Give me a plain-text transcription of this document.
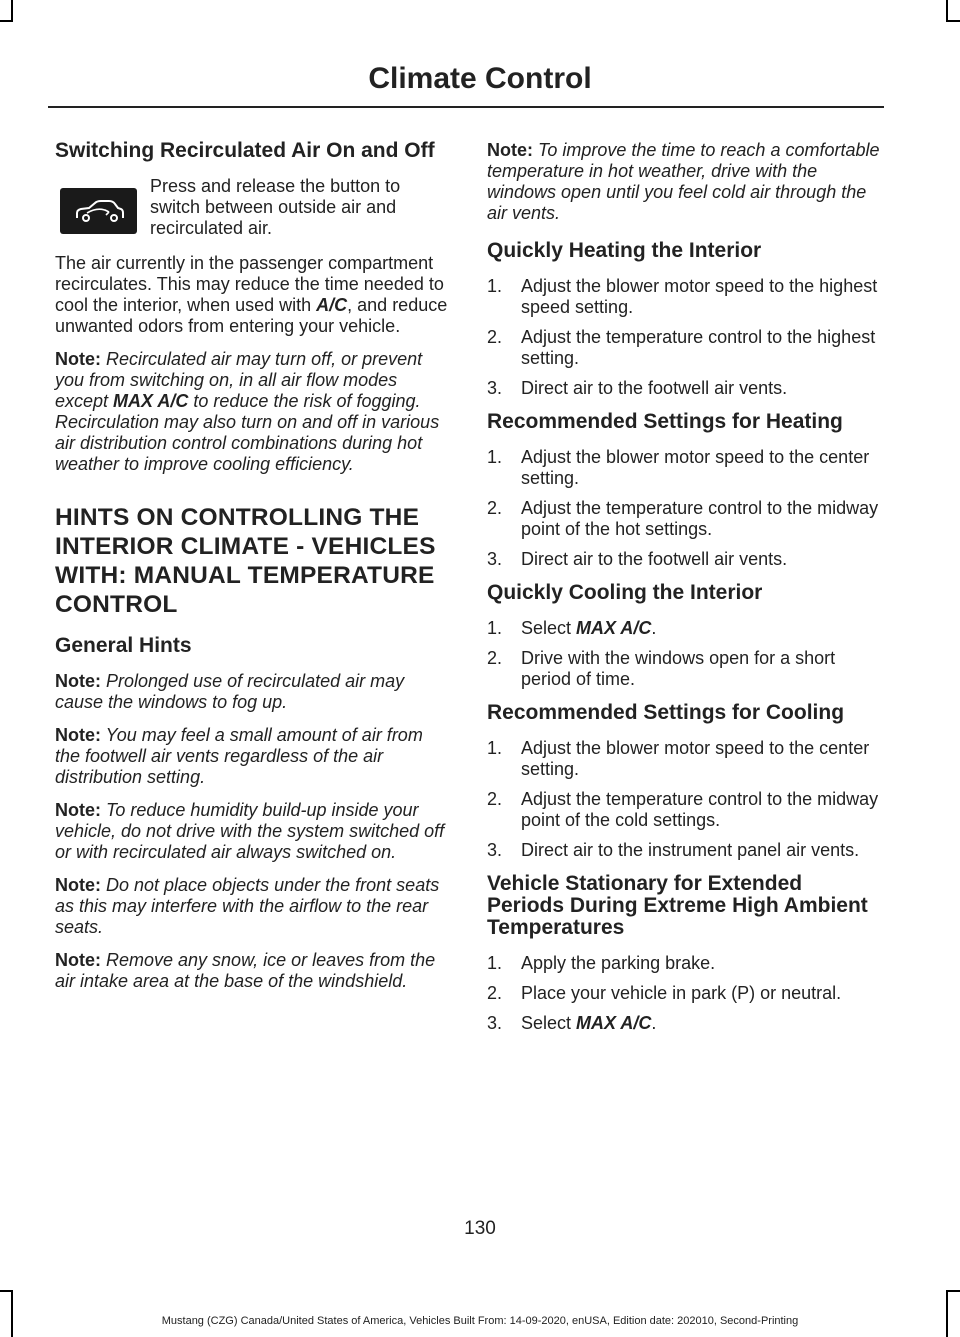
Climate Control
Switching Recirculated Air On and Off

Press and release the button to switch between outside air and recirculated air.

The air currently in the passenger compartment recirculates. This may reduce the time needed to cool the interior, when used with A/C, and reduce unwanted odors from entering your vehicle.

Note: Recirculated air may turn off, or prevent you from switching on, in all air flow modes except MAX A/C to reduce the risk of fogging. Recirculation may also turn on and off in various air distribution control combinations during hot weather to improve cooling efficiency.

HINTS ON CONTROLLING THE INTERIOR CLIMATE - VEHICLES WITH: MANUAL TEMPERATURE CONTROL
General Hints

Note: Prolonged use of recirculated air may cause the windows to fog up.

Note: You may feel a small amount of air from the footwell air vents regardless of the air distribution setting.

Note: To reduce humidity build-up inside your vehicle, do not drive with the system switched off or with recirculated air always switched on.

Note: Do not place objects under the front seats as this may interfere with the airflow to the rear seats.

Note: Remove any snow, ice or leaves from the air intake area at the base of the windshield.

Note: To improve the time to reach a comfortable temperature in hot weather, drive with the windows open until you feel cold air through the air vents.

Quickly Heating the Interior
1. Adjust the blower motor speed to the highest speed setting.
2. Adjust the temperature control to the highest setting.
3. Direct air to the footwell air vents.
Recommended Settings for Heating
1. Adjust the blower motor speed to the center setting.
2. Adjust the temperature control to the midway point of the hot settings.
3. Direct air to the footwell air vents.
Quickly Cooling the Interior
1. Select MAX A/C.
2. Drive with the windows open for a short period of time.
Recommended Settings for Cooling
1. Adjust the blower motor speed to the center setting.
2. Adjust the temperature control to the midway point of the cold settings.
3. Direct air to the instrument panel air vents.
Vehicle Stationary for Extended Periods During Extreme High Ambient Temperatures
1. Apply the parking brake.
2. Place your vehicle in park (P) or neutral.
3. Select MAX A/C.
130
Mustang (CZG) Canada/United States of America, Vehicles Built From: 14-09-2020, enUSA, Edition date: 202010, Second-Printing
